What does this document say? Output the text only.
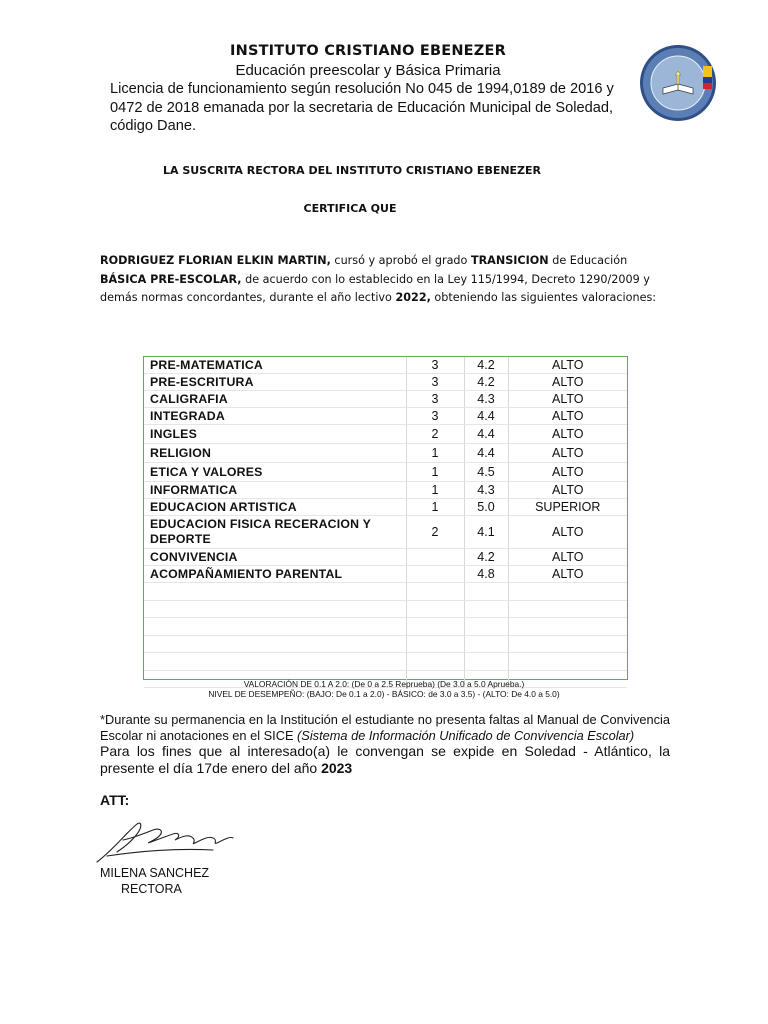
INSTITUTO CRISTIANO EBENEZER
Educación preescolar y Básica Primaria
Licencia de funcionamiento según resolución No 045 de 1994,0189 de 2016 y 0472 de 2018 emanada por la secretaria de Educación Municipal de Soledad, código Dane.
LA SUSCRITA RECTORA DEL INSTITUTO CRISTIANO EBENEZER
CERTIFICA QUE
RODRIGUEZ FLORIAN ELKIN MARTIN, cursó y aprobó el grado TRANSICION de Educación BÁSICA PRE-ESCOLAR, de acuerdo con lo establecido en la Ley 115/1994, Decreto 1290/2009 y demás normas concordantes, durante el año lectivo 2022, obteniendo las siguientes valoraciones:
PRE-MATEMATICA	3	4.2	ALTO
PRE-ESCRITURA	3	4.2	ALTO
CALIGRAFIA	3	4.3	ALTO
INTEGRADA	3	4.4	ALTO
INGLES	2	4.4	ALTO
RELIGION	1	4.4	ALTO
ETICA Y VALORES	1	4.5	ALTO
INFORMATICA	1	4.3	ALTO
EDUCACION ARTISTICA	1	5.0	SUPERIOR
EDUCACION FISICA RECERACION Y DEPORTE	2	4.1	ALTO
CONVIVENCIA		4.2	ALTO
ACOMPAÑAMIENTO PARENTAL		4.8	ALTO

VALORACIÓN DE 0.1 A 2.0: (De 0 a 2.5 Reprueba) (De 3.0 a 5.0 Aprueba.)
NIVEL DE DESEMPEÑO: (BAJO: De 0.1 a 2.0) - BÁSICO: de 3.0 a 3.5) - (ALTO: De 4.0 a 5.0)
*Durante su permanencia en la Institución el estudiante no presenta faltas al Manual de Convivencia Escolar ni anotaciones en el SICE (Sistema de Información Unificado de Convivencia Escolar)
Para los fines que al interesado(a) le convengan se expide en Soledad - Atlántico, la presente el día 17de enero del año 2023
ATT:
MILENA SANCHEZ
RECTORA
